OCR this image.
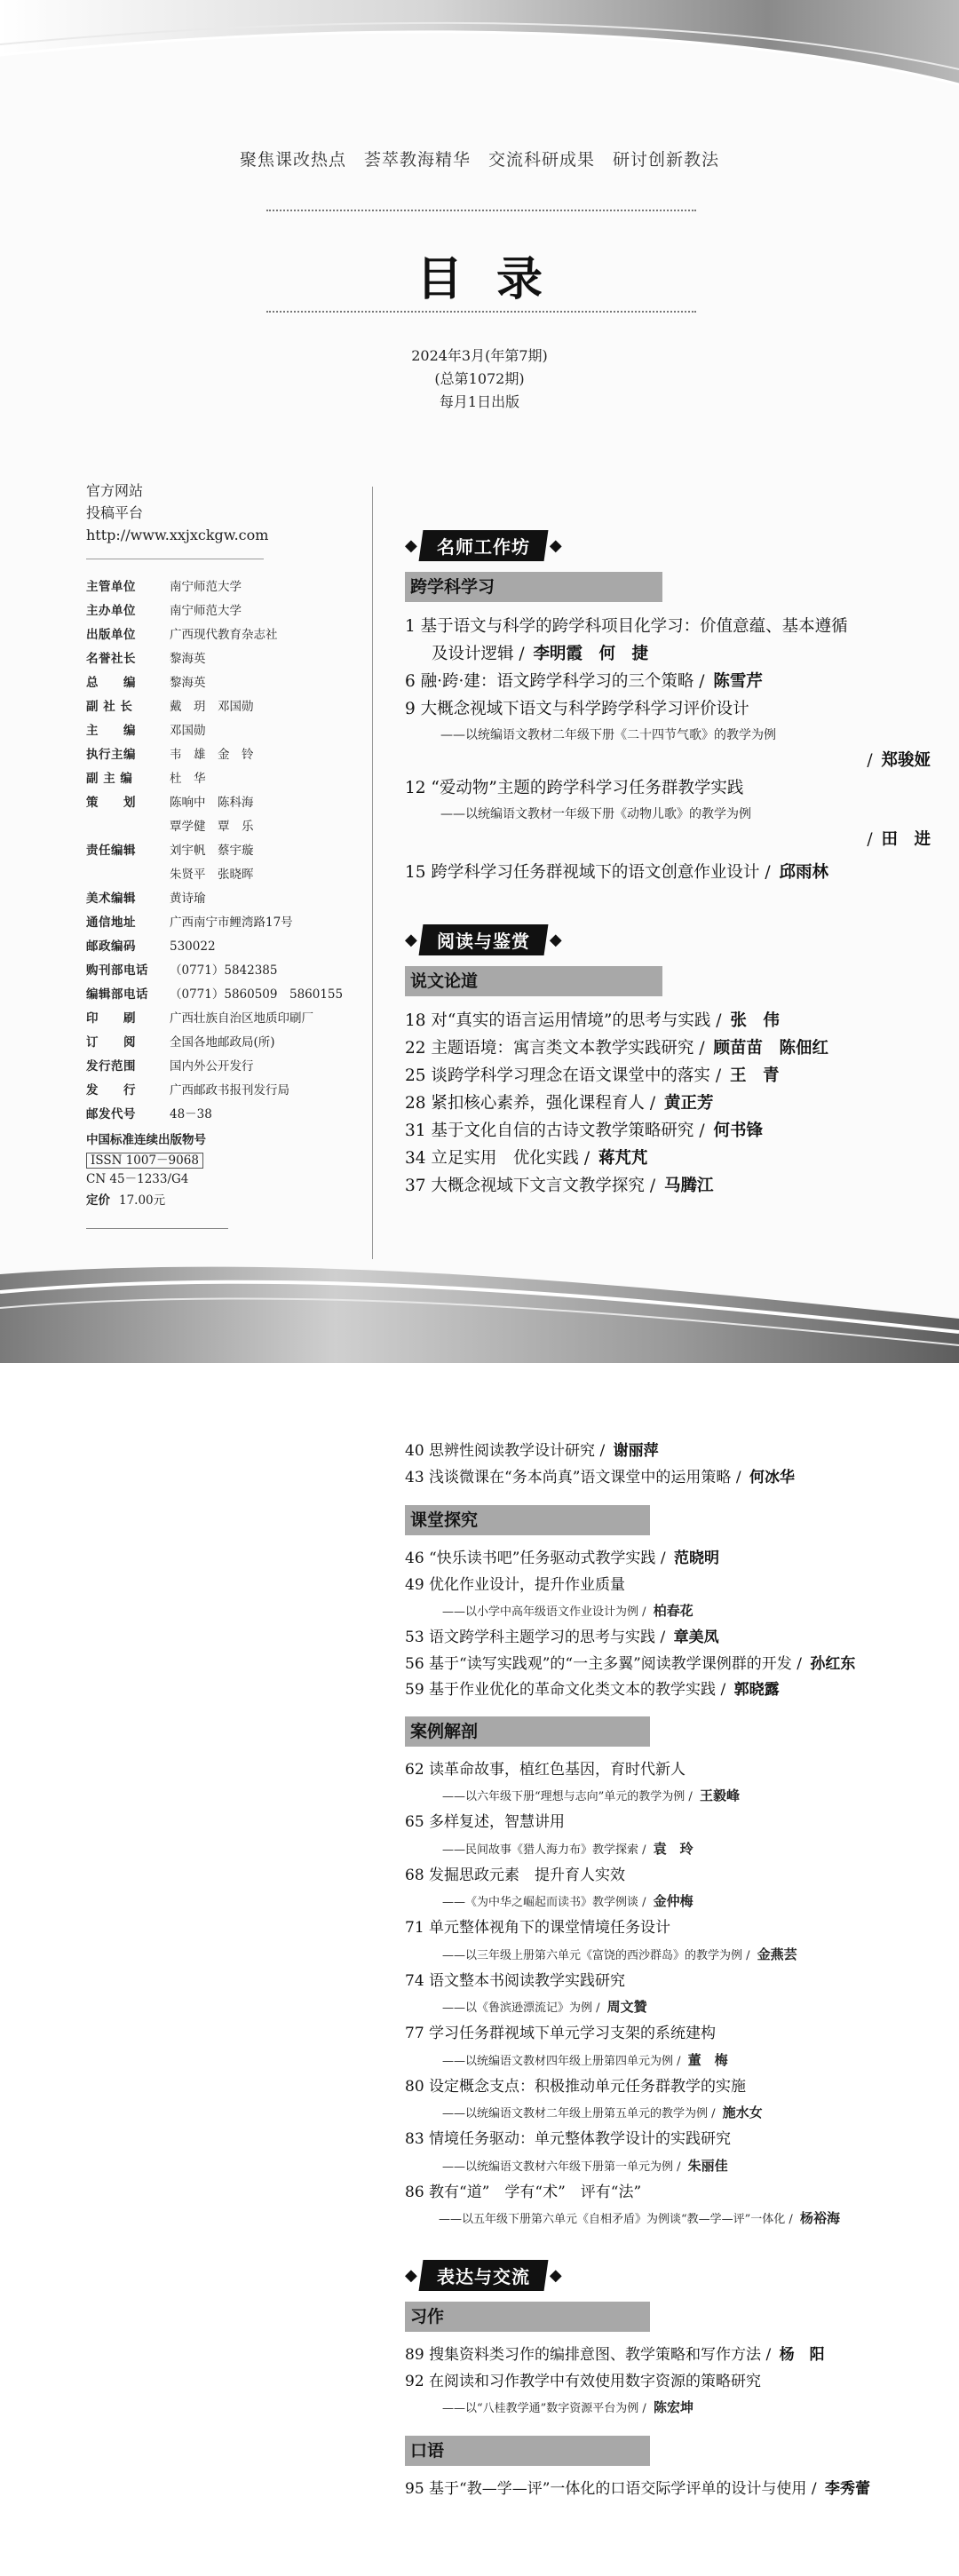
聚焦课改热点　荟萃教海精华　交流科研成果　研讨创新教法
目录
2024年3月(年第7期)
(总第1072期)
每月1日出版
官方网站
投稿平台
http://www.xxjxckgw.com
主管单位	南宁师范大学
主办单位	南宁师范大学
出版单位	广西现代教育杂志社
名誉社长	黎海英
总　　编	黎海英
副 社 长	戴　玥　邓国勋
主　　编	邓国勋
执行主编	韦　雄　金　铃
副 主 编	杜　华
策　　划	陈响中　陈科海
覃学健　覃　乐
责任编辑	刘宇帆　蔡宇璇
朱贤平　张晓晖
美术编辑	黄诗瑜
通信地址	广西南宁市鲤湾路17号
邮政编码	530022
购刊部电话	（0771）5842385
编辑部电话	（0771）5860509　5860155
印　　刷	广西壮族自治区地质印刷厂
订　　阅	全国各地邮政局(所)
发行范围	国内外公开发行
发　　行	广西邮政书报刊发行局
邮发代号	48－38
中国标准连续出版物号
ISSN 1007－9068
CN 45－1233/G4
定价 17.00元
◆	名师工作坊	◆
跨学科学习
1 基于语文与科学的跨学科项目化学习：价值意蕴、基本遵循
及设计逻辑 / 李明霞　何　捷
6 融·跨·建：语文跨学科学习的三个策略 / 陈雪芹
9 大概念视域下语文与科学跨学科学习评价设计
——以统编语文教材二年级下册《二十四节气歌》的教学为例
/ 郑骏娅
12 “爱动物”主题的跨学科学习任务群教学实践
——以统编语文教材一年级下册《动物儿歌》的教学为例
/ 田　进
15 跨学科学习任务群视域下的语文创意作业设计 / 邱雨林
◆	阅读与鉴赏	◆
说文论道
18 对“真实的语言运用情境”的思考与实践 / 张　伟
22 主题语境：寓言类文本教学实践研究 / 顾苗苗　陈佃红
25 谈跨学科学习理念在语文课堂中的落实 / 王　青
28 紧扣核心素养，强化课程育人 / 黄正芳
31 基于文化自信的古诗文教学策略研究 / 何书锋
34 立足实用　优化实践 / 蒋芃芃
37 大概念视域下文言文教学探究 / 马腾江
40 思辨性阅读教学设计研究 / 谢丽萍
43 浅谈微课在“务本尚真”语文课堂中的运用策略 / 何冰华
课堂探究
46 “快乐读书吧”任务驱动式教学实践 / 范晓明
49 优化作业设计，提升作业质量
——以小学中高年级语文作业设计为例 / 柏春花
53 语文跨学科主题学习的思考与实践 / 章美凤
56 基于“读写实践观”的“一主多翼”阅读教学课例群的开发 / 孙红东
59 基于作业优化的革命文化类文本的教学实践 / 郭晓露
案例解剖
62 读革命故事，植红色基因，育时代新人
——以六年级下册“理想与志向”单元的教学为例 / 王毅峰
65 多样复述，智慧讲用
——民间故事《猎人海力布》教学探索 / 袁　玲
68 发掘思政元素　提升育人实效
——《为中华之崛起而读书》教学例谈 / 金仲梅
71 单元整体视角下的课堂情境任务设计
——以三年级上册第六单元《富饶的西沙群岛》的教学为例 / 金燕芸
74 语文整本书阅读教学实践研究
——以《鲁滨逊漂流记》为例 / 周文贊
77 学习任务群视域下单元学习支架的系统建构
——以统编语文教材四年级上册第四单元为例 / 董　梅
80 设定概念支点：积极推动单元任务群教学的实施
——以统编语文教材二年级上册第五单元的教学为例 / 施水女
83 情境任务驱动：单元整体教学设计的实践研究
——以统编语文教材六年级下册第一单元为例 / 朱丽佳
86 教有“道”　学有“术”　评有“法”
——以五年级下册第六单元《自相矛盾》为例谈“教—学—评”一体化 / 杨裕海
◆	表达与交流	◆
习作
89 搜集资料类习作的编排意图、教学策略和写作方法 / 杨　阳
92 在阅读和习作教学中有效使用数字资源的策略研究
——以“八桂教学通”数字资源平台为例 / 陈宏坤
口语
95 基于“教—学—评”一体化的口语交际学评单的设计与使用 / 李秀蕾
